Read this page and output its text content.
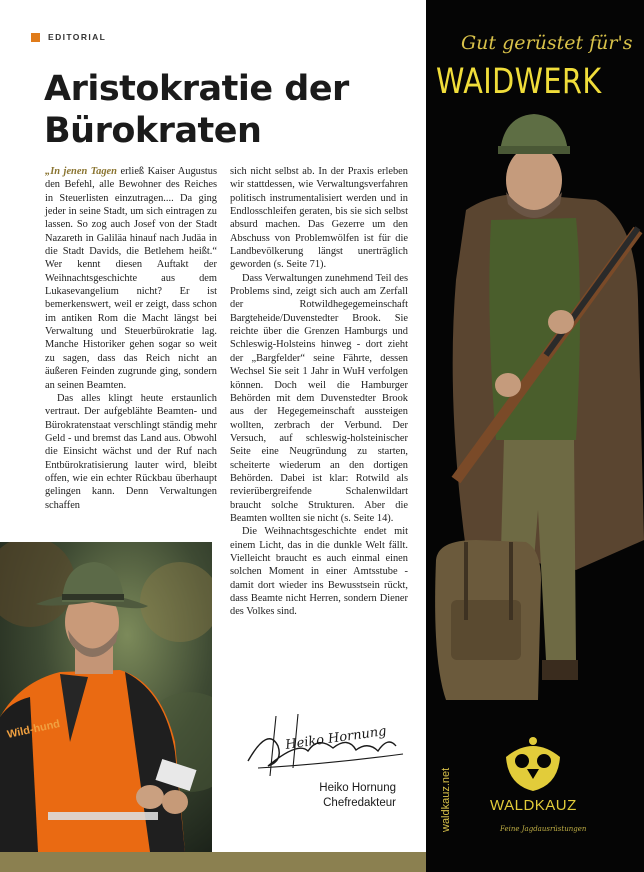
EDITORIAL
Aristokratie der
Bürokraten

„In jenen Tagen erließ Kaiser Augustus den Befehl, alle Bewohner des Reiches in Steuerlisten einzutragen.... Da ging jeder in seine Stadt, um sich eintragen zu lassen. So zog auch Josef von der Stadt Nazareth in Galiläa hinauf nach Judäa in die Stadt Davids, die Betlehem heißt.“ Wer kennt diesen Auftakt der Weihnachtsgeschichte aus dem Lukasevangelium nicht? Er ist bemerkenswert, weil er zeigt, dass schon im antiken Rom die Macht längst bei Verwaltung und Steuerbürokratie lag. Manche Historiker gehen sogar so weit zu sagen, dass das Reich nicht an äußeren Feinden zugrunde ging, sondern an seinen Beamten.

Das alles klingt heute erstaunlich vertraut. Der aufgeblähte Beamten- und Bürokratenstaat verschlingt ständig mehr Geld - und bremst das Land aus. Obwohl die Einsicht wächst und der Ruf nach Entbürokratisierung lauter wird, bleibt offen, wie ein echter Rückbau überhaupt gelingen kann. Denn Verwaltungen schaffen

sich nicht selbst ab. In der Praxis erleben wir stattdessen, wie Verwaltungsverfahren politisch instrumentalisiert werden und in Endlosschleifen geraten, bis sie sich selbst absurd machen. Das Gezerre um den Abschuss von Problemwölfen ist für die Landbevölkerung längst unerträglich geworden (s. Seite 71).

Dass Verwaltungen zunehmend Teil des Problems sind, zeigt sich auch am Zerfall der Rotwildhegegemeinschaft Bargteheide/Duvenstedter Brook. Sie reichte über die Grenzen Hamburgs und Schleswig-Holsteins hinweg - dort zieht der „Bargfelder“ seine Fährte, dessen Wechsel Sie seit 1 Jahr in WuH verfolgen können. Doch weil die Hamburger Behörden mit dem Duvenstedter Brook aus der Hegegemeinschaft aussteigen wollten, zerbrach der Verbund. Der Versuch, auf schleswig-holsteinischer Seite eine Neugründung zu starten, scheiterte wiederum an den dortigen Behörden. Dabei ist klar: Rotwild als revierübergreifende Schalenwildart braucht solche Strukturen. Aber die Beamten wollten sie nicht (s. Seite 14).

Die Weihnachtsgeschichte endet mit einem Licht, das in die dunkle Welt fällt. Vielleicht braucht es auch einmal einen solchen Moment in einer Amtsstube - damit dort wieder ins Bewusstsein rückt, dass Beamte nicht Herren, sondern Diener des Volkes sind.

Wild-hund	Heiko Hornung
Heiko Hornung
Chefredakteur
Gut gerüstet für's
WAIDWERK
waldkauz.net	WALDKAUZ
Feine Jagdausrüstungen
